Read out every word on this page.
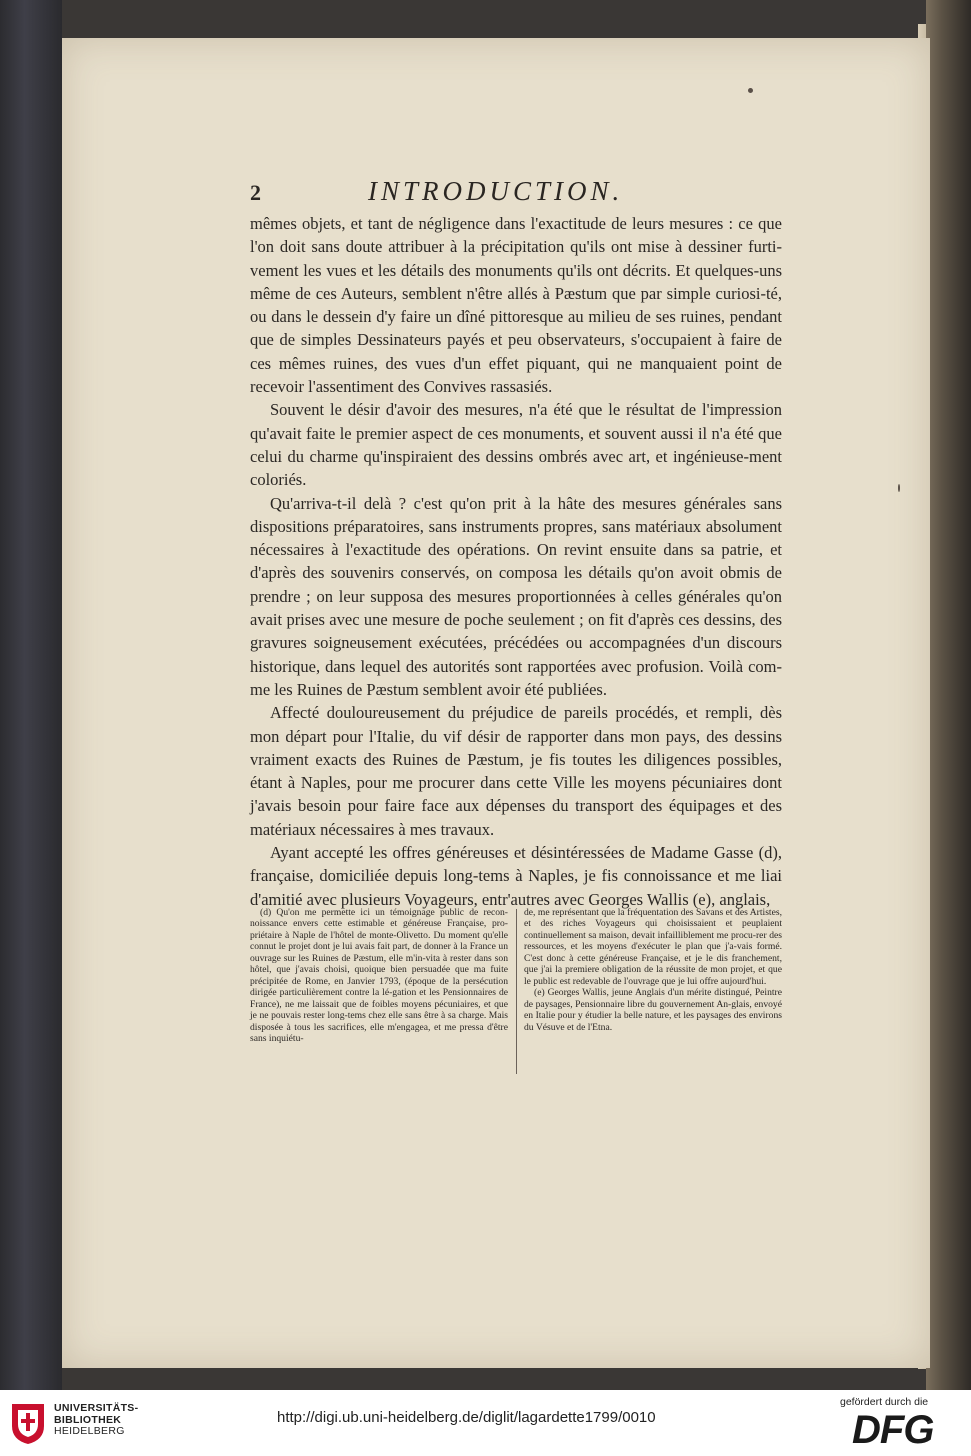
2	INTRODUCTION.

mêmes objets, et tant de négligence dans l'exactitude de leurs mesures : ce que l'on doit sans doute attribuer à la précipitation qu'ils ont mise à dessiner furti-vement les vues et les détails des monuments qu'ils ont décrits. Et quelques-uns même de ces Auteurs, semblent n'être allés à Pæstum que par simple curiosi-té, ou dans le dessein d'y faire un dîné pittoresque au milieu de ses ruines, pendant que de simples Dessinateurs payés et peu observateurs, s'occupaient à faire de ces mêmes ruines, des vues d'un effet piquant, qui ne manquaient point de recevoir l'assentiment des Convives rassasiés.

Souvent le désir d'avoir des mesures, n'a été que le résultat de l'impression qu'avait faite le premier aspect de ces monuments, et souvent aussi il n'a été que celui du charme qu'inspiraient des dessins ombrés avec art, et ingénieuse-ment coloriés.

Qu'arriva-t-il delà ? c'est qu'on prit à la hâte des mesures générales sans dispositions préparatoires, sans instruments propres, sans matériaux absolument nécessaires à l'exactitude des opérations. On revint ensuite dans sa patrie, et d'après des souvenirs conservés, on composa les détails qu'on avoit obmis de prendre ; on leur supposa des mesures proportionnées à celles générales qu'on avait prises avec une mesure de poche seulement ; on fit d'après ces dessins, des gravures soigneusement exécutées, précédées ou accompagnées d'un discours historique, dans lequel des autorités sont rapportées avec profusion. Voilà com-me les Ruines de Pæstum semblent avoir été publiées.

Affecté douloureusement du préjudice de pareils procédés, et rempli, dès mon départ pour l'Italie, du vif désir de rapporter dans mon pays, des dessins vraiment exacts des Ruines de Pæstum, je fis toutes les diligences possibles, étant à Naples, pour me procurer dans cette Ville les moyens pécuniaires dont j'avais besoin pour faire face aux dépenses du transport des équipages et des matériaux nécessaires à mes travaux.

Ayant accepté les offres généreuses et désintéressées de Madame Gasse (d), française, domiciliée depuis long-tems à Naples, je fis connoissance et me liai d'amitié avec plusieurs Voyageurs, entr'autres avec Georges Wallis (e), anglais,

(d) Qu'on me permette ici un témoignage public de recon-noissance envers cette estimable et généreuse Française, pro-priétaire à Naple de l'hôtel de monte-Olivetto. Du moment qu'elle connut le projet dont je lui avais fait part, de donner à la France un ouvrage sur les Ruines de Pæstum, elle m'in-vita à rester dans son hôtel, que j'avais choisi, quoique bien persuadée que ma fuite précipitée de Rome, en Janvier 1793, (époque de la persécution dirigée particulièrement contre la lé-gation et les Pensionnaires de France), ne me laissait que de foibles moyens pécuniaires, et que je ne pouvais rester long-tems chez elle sans être à sa charge. Mais disposée à tous les sacrifices, elle m'engagea, et me pressa d'être sans inquiétu-

de, me représentant que la fréquentation des Savans et des Artistes, et des riches Voyageurs qui choisissaient et peuplaient continuellement sa maison, devait infailliblement me procu-rer des ressources, et les moyens d'exécuter le plan que j'a-vais formé. C'est donc à cette généreuse Française, et je le dis franchement, que j'ai la premiere obligation de la réussite de mon projet, et que le public est redevable de l'ouvrage que je lui offre aujourd'hui.

(e) Georges Wallis, jeune Anglais d'un mérite distingué, Peintre de paysages, Pensionnaire libre du gouvernement An-glais, envoyé en Italie pour y étudier la belle nature, et les paysages des environs du Vésuve et de l'Etna.

UNIVERSITÄTS-
BIBLIOTHEK
HEIDELBERG
http://digi.ub.uni-heidelberg.de/diglit/lagardette1799/0010
gefördert durch die
DFG
